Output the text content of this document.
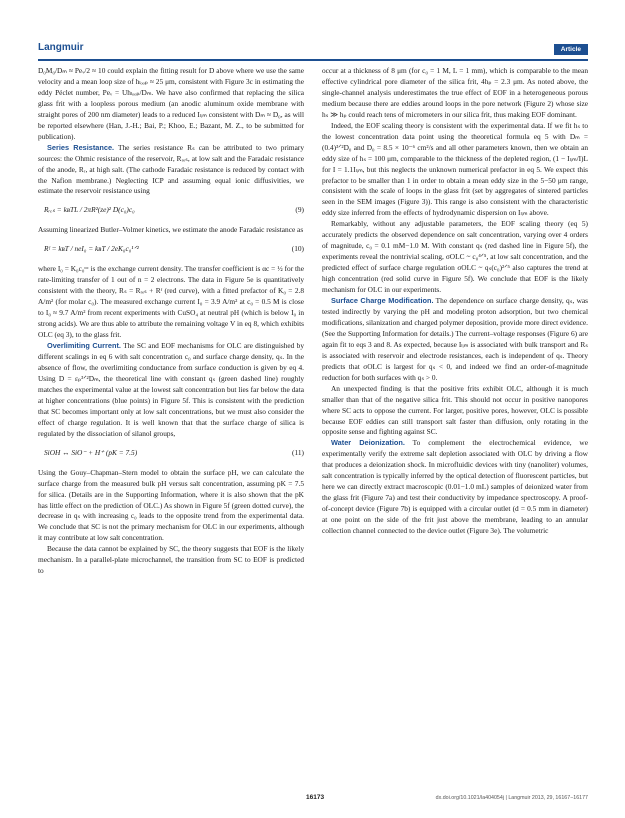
Langmuir	Article

D₀M₀/Dₘ ≈ Peᵥ/2 ≈ 10 could explain the fitting result for D above where we use the same velocity and a mean loop size of hₗₒₒₚ ≈ 25 μm, consistent with Figure 3c in estimating the eddy Péclet number, Peᵥ = Uhₗₒₒₚ/Dₘ. We have also confirmed that replacing the silica glass frit with a loopless porous medium (an anodic aluminum oxide membrane with straight pores of 200 nm diameter) leads to a reduced Iₗᵢₘ consistent with Dₘ ≈ D₀, as will be reported elsewhere (Han, J.-H.; Bai, P.; Khoo, E.; Bazant, M. Z., to be submitted for publication).

Series Resistance. The series resistance Rₛ can be attributed to two primary sources: the Ohmic resistance of the reservoir, Rᵣₑₛ, at low salt and the Faradaic resistance of the anode, Rᵣ, at high salt. (The cathode Faradaic resistance is reduced by contact with the Nafion membrane.) Neglecting ICP and assuming equal ionic diffusivities, we estimate the reservoir resistance using

Rᵣₑₛ = kʙTL / 2πR²(ze)² D(c₀)c₀	(9)

Assuming linearized Butler–Volmer kinetics, we estimate the anode Faradaic resistance as

Rᶠ = kʙT / neI₀ = kʙT / 2eK₀c₀¹ᐟ²	(10)

where I₀ = K₀c₀ᵅᶜ is the exchange current density. The transfer coefficient is αc = ½ for the rate-limiting transfer of 1 out of n = 2 electrons. The data in Figure 5e is quantitatively consistent with the theory, Rₛ = Rᵣₑₛ + Rᶠ (red curve), with a fitted prefactor of K₀ = 2.8 A/m² (for molar c₀). The measured exchange current I₀ = 3.9 A/m² at c₀ = 0.5 M is close to I₀ ≈ 9.7 A/m² from recent experiments with CuSO₄ at neutral pH (which is below I₀ in strong acids). We are thus able to attribute the remaining voltage V in eq 8, which exhibits OLC (eq 3), to the glass frit.

Overlimiting Current. The SC and EOF mechanisms for OLC are distinguished by different scalings in eq 6 with salt concentration c₀ and surface charge density, qₛ. In the absence of flow, the overlimiting conductance from surface conduction is given by eq 4. Using D = εₚ³ᐟ²Dₘ, the theoretical line with constant qₛ (green dashed line) roughly matches the experimental value at the lowest salt concentration but lies far below the data at higher concentrations (blue points) in Figure 5f. This is consistent with the prediction that SC becomes important only at low salt concentrations, but we must also consider the effect of charge regulation. It is well known that that the surface charge of silica is regulated by the dissociation of silanol groups,

SiOH ↔ SiO⁻ + H⁺ (pK = 7.5)	(11)

Using the Gouy–Chapman–Stern model to obtain the surface pH, we can calculate the surface charge from the measured bulk pH versus salt concentration, assuming pK = 7.5 for silica. (Details are in the Supporting Information, where it is also shown that the pK has little effect on the prediction of OLC.) As shown in Figure 5f (green dotted curve), the decrease in qₛ with increasing c₀ leads to the opposite trend from the experimental data. We conclude that SC is not the primary mechanism for OLC in our experiments, although it may contribute at low salt concentration.

Because the data cannot be explained by SC, the theory suggests that EOF is the likely mechanism. In a parallel-plate microchannel, the transition from SC to EOF is predicted to

occur at a thickness of 8 μm (for c₀ = 1 M, L = 1 mm), which is comparable to the mean effective cylindrical pore diameter of the silica frit, 4hₚ = 2.3 μm. As noted above, the single-channel analysis underestimates the true effect of EOF in a heterogeneous porous medium because there are eddies around loops in the pore network (Figure 2) whose size hₛ ≫ hₚ could reach tens of micrometers in our silica frit, thus making EOF dominant.

Indeed, the EOF scaling theory is consistent with the experimental data. If we fit hₛ to the lowest concentration data point using the theoretical formula eq 5 with Dₘ = (0.4)³ᐟ²D₀ and D₀ = 8.5 × 10⁻⁶ cm²/s and all other parameters known, then we obtain an eddy size of hₛ = 100 μm, comparable to the thickness of the depleted region, (1 − Iₗᵢₘ/I)L for I = 1.1Iₗᵢₘ, but this neglects the unknown numerical prefactor in eq 5. We expect this prefactor to be smaller than 1 in order to obtain a mean eddy size in the 5−50 μm range, consistent with the scale of loops in the glass frit (set by aggregates of sintered particles seen in the SEM images (Figure 3)). This range is also consistent with the characteristic eddy size inferred from the effects of hydrodynamic dispersion on Iₗᵢₘ above.

Remarkably, without any adjustable parameters, the EOF scaling theory (eq 5) accurately predicts the observed dependence on salt concentration, varying over 4 orders of magnitude, c₀ = 0.1 mM−1.0 M. With constant qₛ (red dashed line in Figure 5f), the experiments reveal the nontrivial scaling, σOLC ~ c₀⁴ᐟ⁵, at low salt concentration, and the predicted effect of surface charge regulation σOLC ~ qₛ(c₀)²ᐟ⁵ also captures the trend at high concentration (red solid curve in Figure 5f). We conclude that EOF is the likely mechanism for OLC in our experiments.

Surface Charge Modification. The dependence on surface charge density, qₛ, was tested indirectly by varying the pH and modeling proton adsorption, but two chemical modifications, silanization and charged polymer deposition, provide more direct evidence. (See the Supporting Information for details.) The current–voltage responses (Figure 6) are again fit to eqs 3 and 8. As expected, because Iₗᵢₘ is associated with bulk transport and Rₛ is associated with reservoir and electrode resistances, each is independent of qₛ. Theory predicts that σOLC is largest for qₛ < 0, and indeed we find an order-of-magnitude reduction for both surfaces with qₛ > 0.

An unexpected finding is that the positive frits exhibit OLC, although it is much smaller than that of the negative silica frit. This should not occur in positive nanopores where SC acts to oppose the current. For larger, positive pores, however, OLC is possible because EOF eddies can still transport salt faster than diffusion, only rotating in the opposite sense and fighting against SC.

Water Deionization. To complement the electrochemical evidence, we experimentally verify the extreme salt depletion associated with OLC by driving a flow that produces a deionization shock. In microfluidic devices with tiny (nanoliter) volumes, salt concentration is typically inferred by the optical detection of fluorescent particles, but here we can directly extract macroscopic (0.01−1.0 mL) samples of deionized water from the glass frit (Figure 7a) and test their conductivity by impedance spectroscopy. A proof-of-concept device (Figure 7b) is equipped with a circular outlet (d = 0.5 mm in diameter) at one point on the side of the frit just above the membrane, leading to an annular collection channel connected to the device outlet (Figure 3e). The volumetric

16173	dx.doi.org/10.1021/la404054j | Langmuir 2013, 29, 16167−16177
